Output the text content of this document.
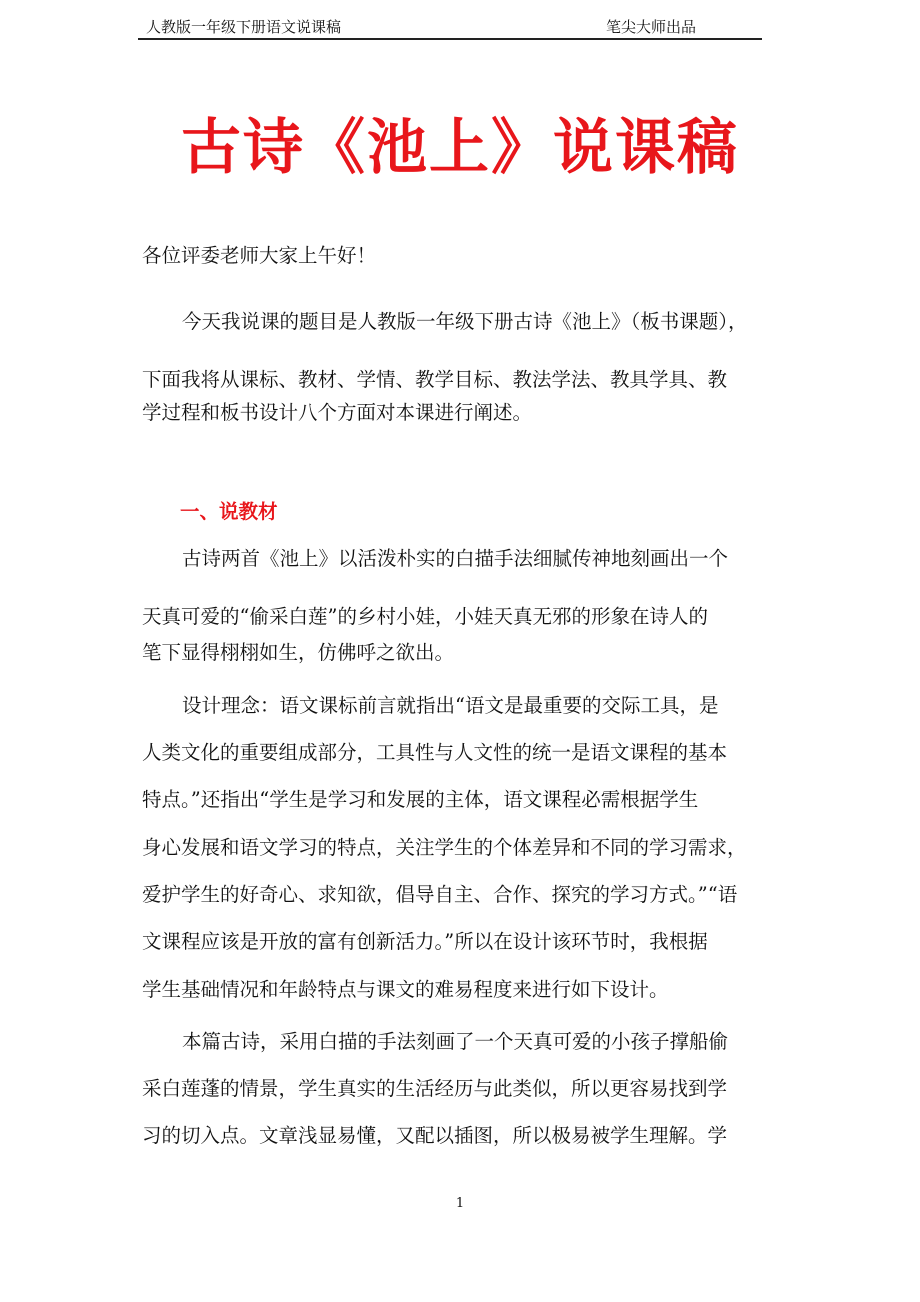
人教版一年级下册语文说课稿	笔尖大师出品
古诗《池上》说课稿
各位评委老师大家上午好！
今天我说课的题目是人教版一年级下册古诗《池上》（板书课题），
下面我将从课标、教材、学情、教学目标、教法学法、教具学具、教
学过程和板书设计八个方面对本课进行阐述。
一、说教材
古诗两首《池上》以活泼朴实的白描手法细腻传神地刻画出一个
天真可爱的“偷采白莲”的乡村小娃，小娃天真无邪的形象在诗人的
笔下显得栩栩如生，仿佛呼之欲出。
设计理念：语文课标前言就指出“语文是最重要的交际工具，是
人类文化的重要组成部分，工具性与人文性的统一是语文课程的基本
特点。”还指出“学生是学习和发展的主体，语文课程必需根据学生
身心发展和语文学习的特点，关注学生的个体差异和不同的学习需求，
爱护学生的好奇心、求知欲，倡导自主、合作、探究的学习方式。”“语
文课程应该是开放的富有创新活力。”所以在设计该环节时，我根据
学生基础情况和年龄特点与课文的难易程度来进行如下设计。
本篇古诗，采用白描的手法刻画了一个天真可爱的小孩子撑船偷
采白莲蓬的情景，学生真实的生活经历与此类似，所以更容易找到学
习的切入点。文章浅显易懂，又配以插图，所以极易被学生理解。学
1
